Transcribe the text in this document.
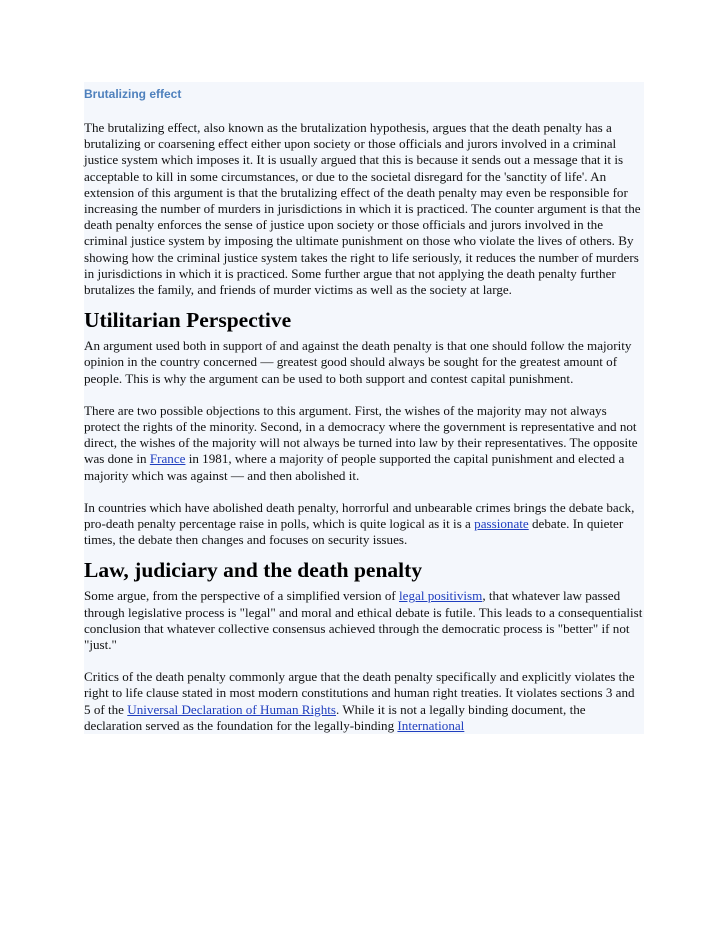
Brutalizing effect

The brutalizing effect, also known as the brutalization hypothesis, argues that the death penalty has a brutalizing or coarsening effect either upon society or those officials and jurors involved in a criminal justice system which imposes it. It is usually argued that this is because it sends out a message that it is acceptable to kill in some circumstances, or due to the societal disregard for the 'sanctity of life'. An extension of this argument is that the brutalizing effect of the death penalty may even be responsible for increasing the number of murders in jurisdictions in which it is practiced. The counter argument is that the death penalty enforces the sense of justice upon society or those officials and jurors involved in the criminal justice system by imposing the ultimate punishment on those who violate the lives of others. By showing how the criminal justice system takes the right to life seriously, it reduces the number of murders in jurisdictions in which it is practiced. Some further argue that not applying the death penalty further brutalizes the family, and friends of murder victims as well as the society at large.

Utilitarian Perspective

An argument used both in support of and against the death penalty is that one should follow the majority opinion in the country concerned — greatest good should always be sought for the greatest amount of people. This is why the argument can be used to both support and contest capital punishment.

There are two possible objections to this argument. First, the wishes of the majority may not always protect the rights of the minority. Second, in a democracy where the government is representative and not direct, the wishes of the majority will not always be turned into law by their representatives. The opposite was done in France in 1981, where a majority of people supported the capital punishment and elected a majority which was against — and then abolished it.

In countries which have abolished death penalty, horrorful and unbearable crimes brings the debate back, pro-death penalty percentage raise in polls, which is quite logical as it is a passionate debate. In quieter times, the debate then changes and focuses on security issues.

Law, judiciary and the death penalty

Some argue, from the perspective of a simplified version of legal positivism, that whatever law passed through legislative process is "legal" and moral and ethical debate is futile. This leads to a consequentialist conclusion that whatever collective consensus achieved through the democratic process is "better" if not "just."

Critics of the death penalty commonly argue that the death penalty specifically and explicitly violates the right to life clause stated in most modern constitutions and human right treaties. It violates sections 3 and 5 of the Universal Declaration of Human Rights. While it is not a legally binding document, the declaration served as the foundation for the legally-binding International
